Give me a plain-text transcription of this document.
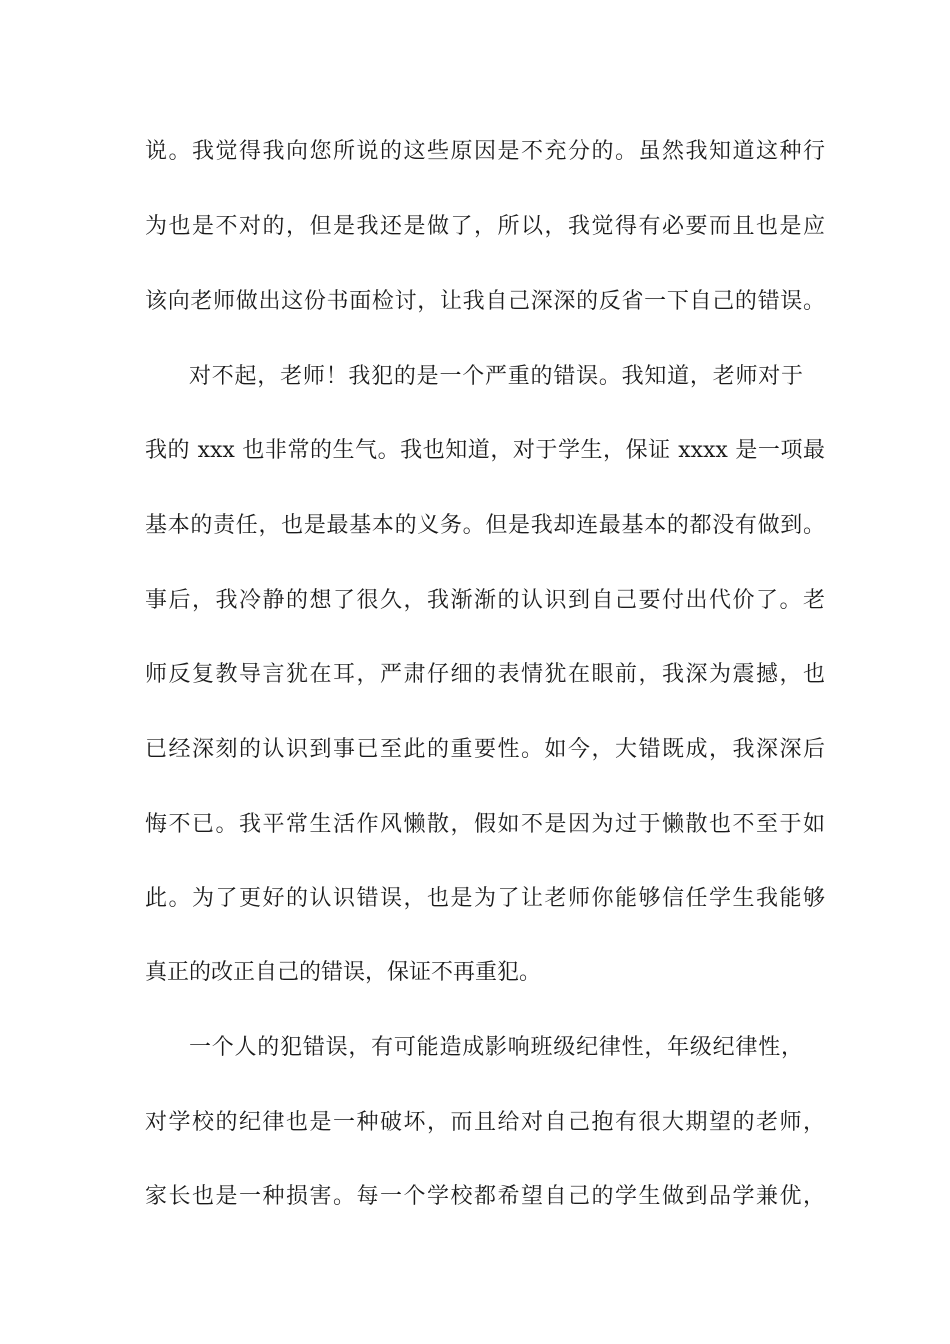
说。我觉得我向您所说的这些原因是不充分的。虽然我知道这种行
为也是不对的，但是我还是做了，所以，我觉得有必要而且也是应
该向老师做出这份书面检讨，让我自己深深的反省一下自己的错误。
对不起，老师！我犯的是一个严重的错误。我知道，老师对于
我的 xxx 也非常的生气。我也知道，对于学生，保证 xxxx 是一项最
基本的责任，也是最基本的义务。但是我却连最基本的都没有做到。
事后，我冷静的想了很久，我渐渐的认识到自己要付出代价了。老
师反复教导言犹在耳，严肃仔细的表情犹在眼前，我深为震撼，也
已经深刻的认识到事已至此的重要性。如今，大错既成，我深深后
悔不已。我平常生活作风懒散，假如不是因为过于懒散也不至于如
此。为了更好的认识错误，也是为了让老师你能够信任学生我能够
真正的改正自己的错误，保证不再重犯。
一个人的犯错误，有可能造成影响班级纪律性，年级纪律性，
对学校的纪律也是一种破坏，而且给对自己抱有很大期望的老师，
家长也是一种损害。每一个学校都希望自己的学生做到品学兼优，
